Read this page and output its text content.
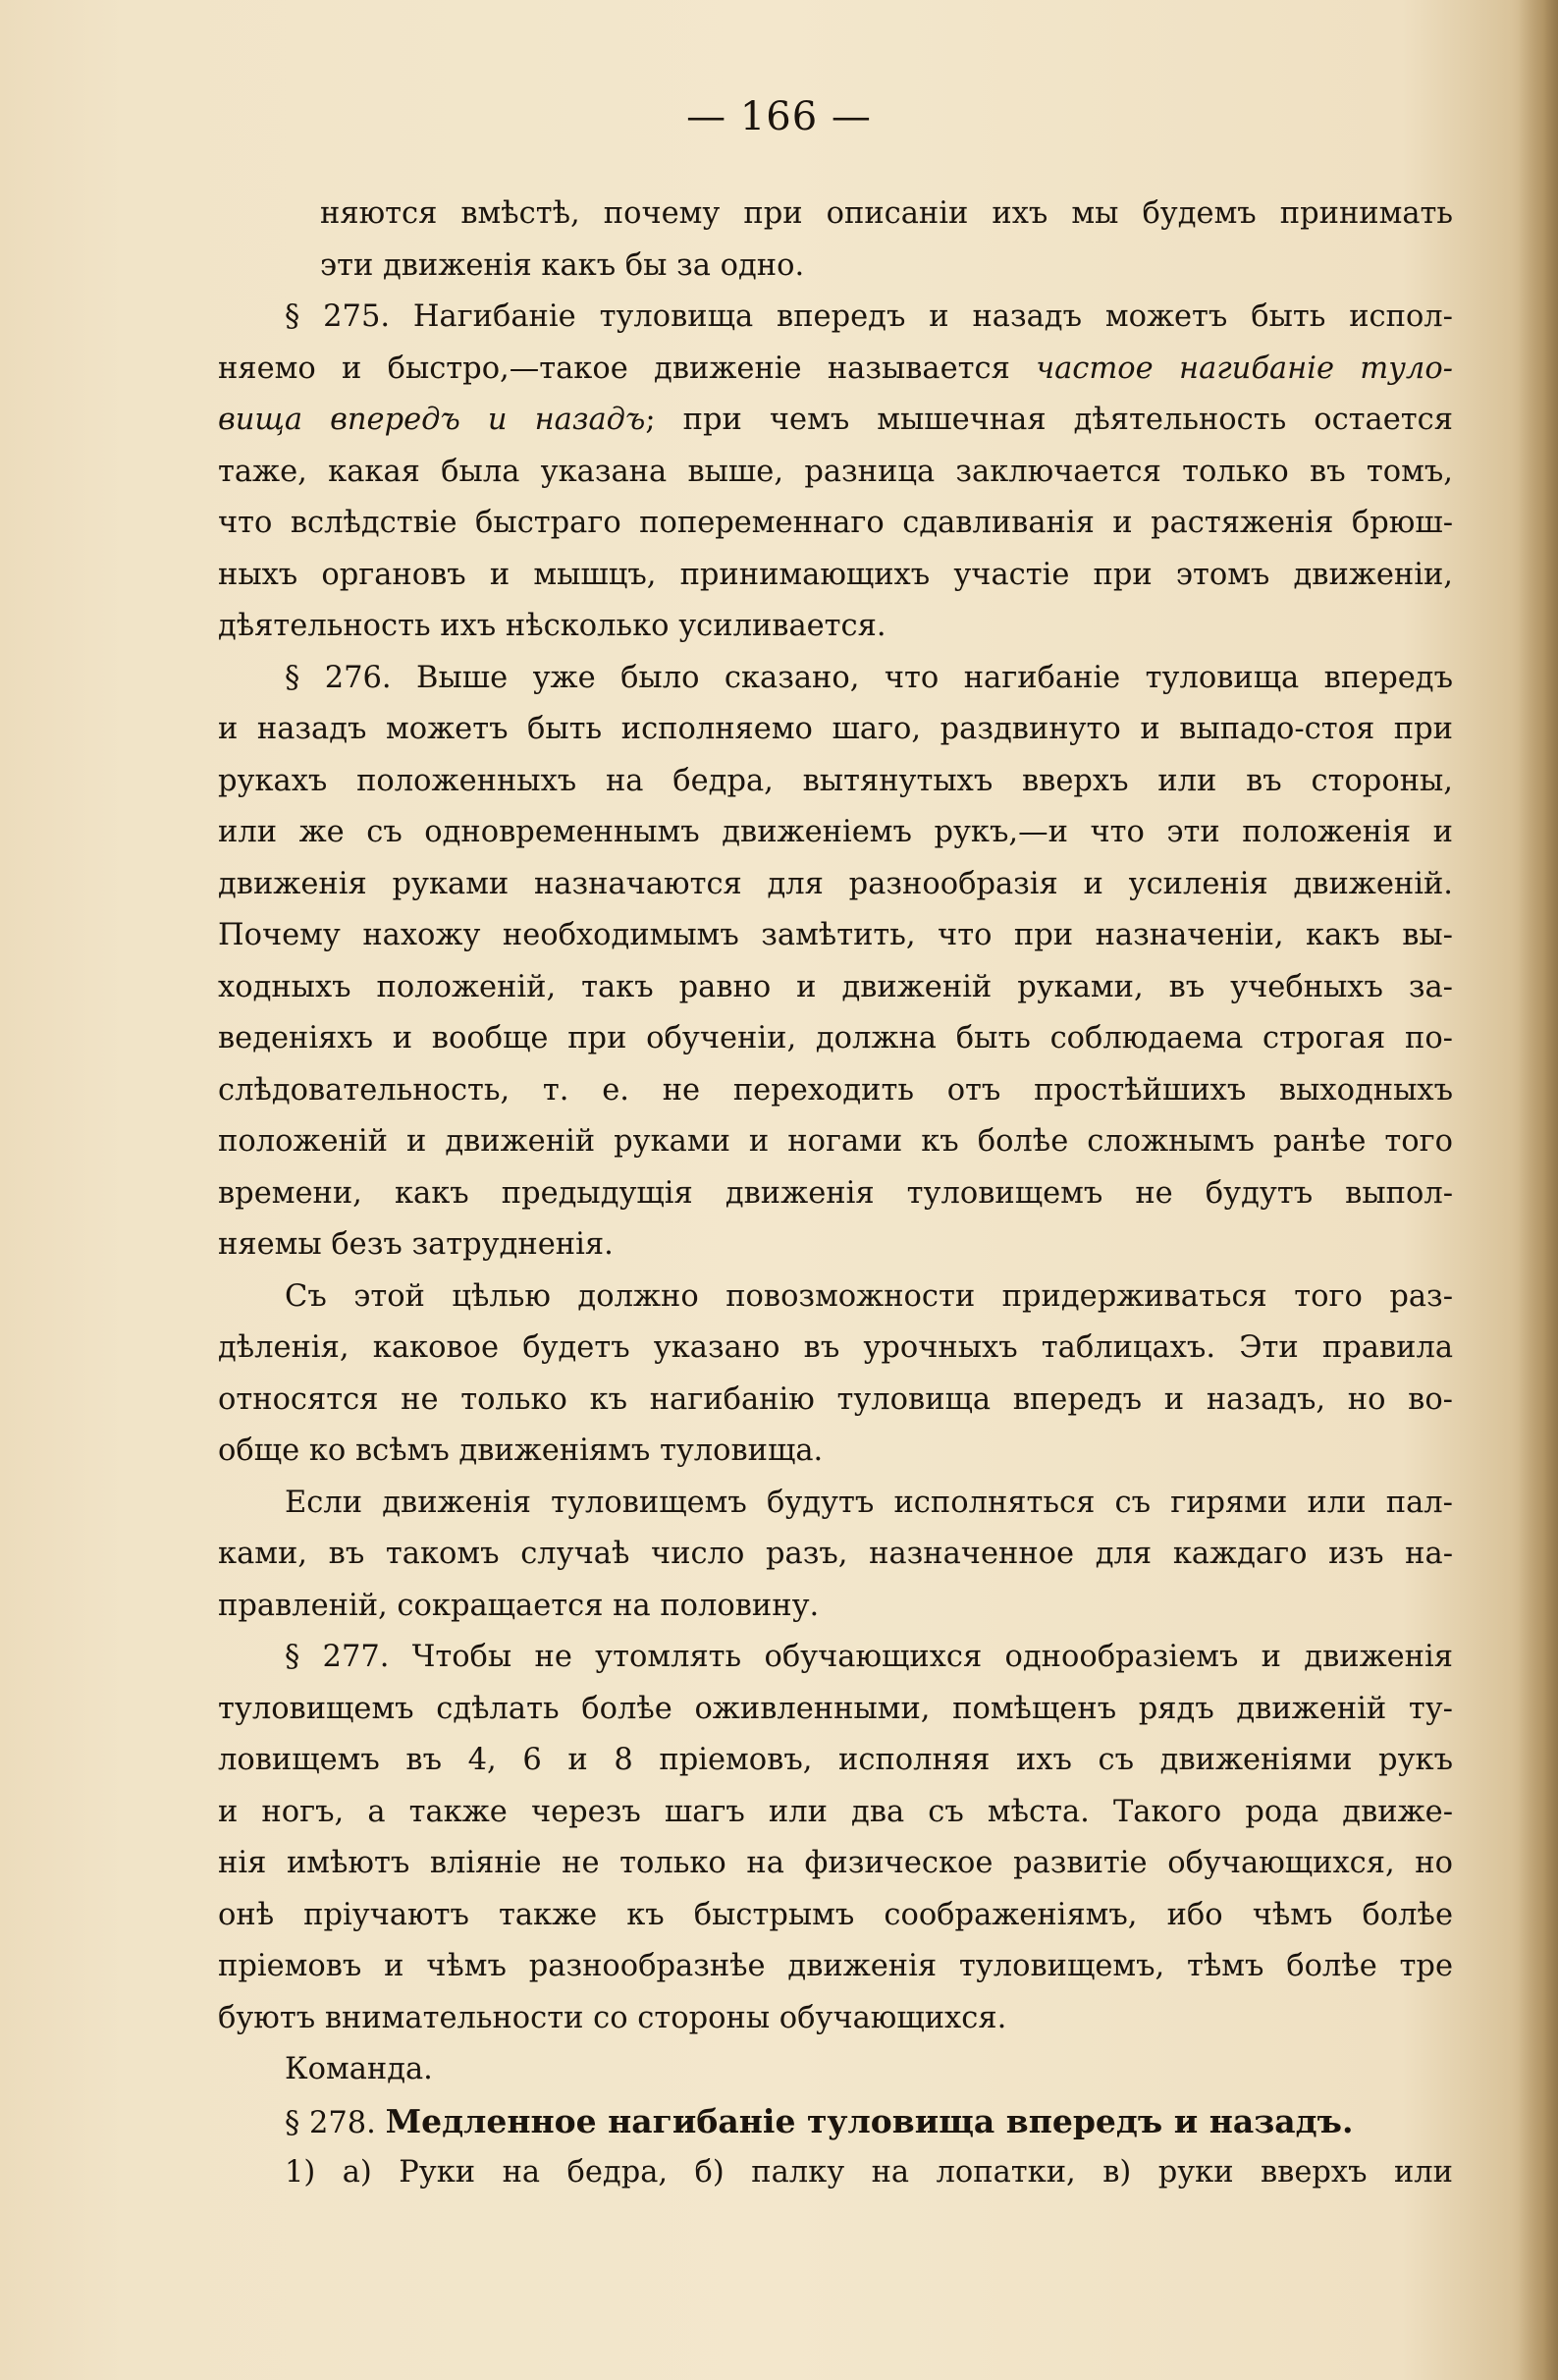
— 166 —
няются вмѣстѣ, почему при описаніи ихъ мы будемъ принимать
эти движенія какъ бы за одно.
§ 275. Нагибаніе туловища впередъ и назадъ можетъ быть испол-
няемо и быстро,—такое движеніе называется частое нагибаніе туло-
вища впередъ и назадъ; при чемъ мышечная дѣятельность остается
таже, какая была указана выше, разница заключается только въ томъ,
что вслѣдствіе быстраго попеременнаго сдавливанія и растяженія брюш-
ныхъ органовъ и мышцъ, принимающихъ участіе при этомъ движеніи,
дѣятельность ихъ нѣсколько усиливается.
§ 276. Выше уже было сказано, что нагибаніе туловища впередъ
и назадъ можетъ быть исполняемо шаго, раздвинуто и выпадо-стоя при
рукахъ положенныхъ на бедра, вытянутыхъ вверхъ или въ стороны,
или же съ одновременнымъ движеніемъ рукъ,—и что эти положенія и
движенія руками назначаются для разнообразія и усиленія движеній.
Почему нахожу необходимымъ замѣтить, что при назначеніи, какъ вы-
ходныхъ положеній, такъ равно и движеній руками, въ учебныхъ за-
веденіяхъ и вообще при обученіи, должна быть соблюдаема строгая по-
слѣдовательность, т. е. не переходить отъ простѣйшихъ выходныхъ
положеній и движеній руками и ногами къ болѣе сложнымъ ранѣе того
времени, какъ предыдущія движенія туловищемъ не будутъ выпол-
няемы безъ затрудненія.
Съ этой цѣлью должно повозможности придерживаться того раз-
дѣленія, каковое будетъ указано въ урочныхъ таблицахъ. Эти правила
относятся не только къ нагибанію туловища впередъ и назадъ, но во-
обще ко всѣмъ движеніямъ туловища.
Если движенія туловищемъ будутъ исполняться съ гирями или пал-
ками, въ такомъ случаѣ число разъ, назначенное для каждаго изъ на-
правленій, сокращается на половину.
§ 277. Чтобы не утомлять обучающихся однообразіемъ и движенія
туловищемъ сдѣлать болѣе оживленными, помѣщенъ рядъ движеній ту-
ловищемъ въ 4, 6 и 8 пріемовъ, исполняя ихъ съ движеніями рукъ
и ногъ, а также черезъ шагъ или два съ мѣста. Такого рода движе-
нія имѣютъ вліяніе не только на физическое развитіе обучающихся, но
онѣ пріучаютъ также къ быстрымъ соображеніямъ, ибо чѣмъ болѣе
пріемовъ и чѣмъ разнообразнѣе движенія туловищемъ, тѣмъ болѣе тре
буютъ внимательности со стороны обучающихся.
Команда.
§ 278. Медленное нагибаніе туловища впередъ и назадъ.
1) а) Руки на бедра, б) палку на лопатки, в) руки вверхъ или
